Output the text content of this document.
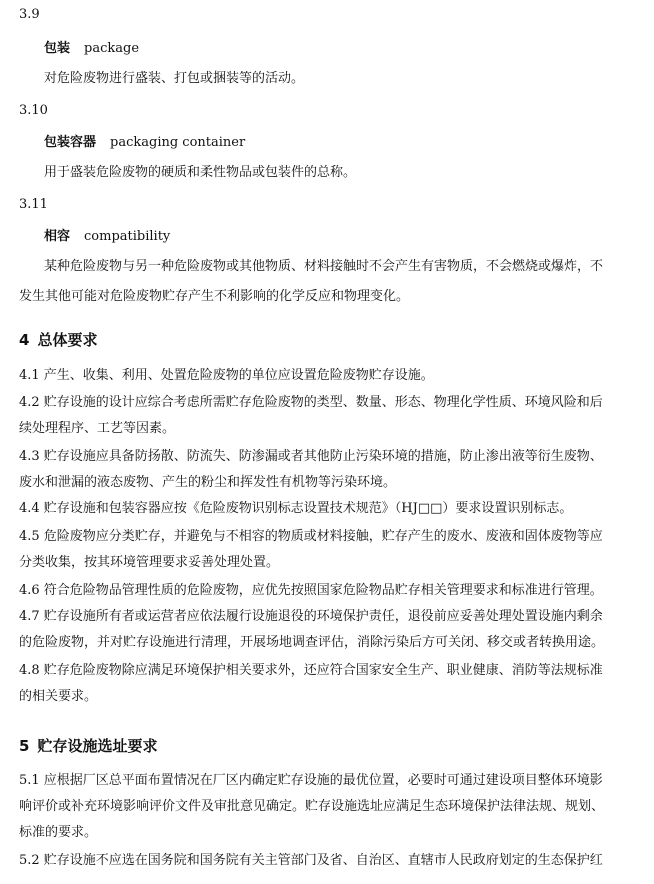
3.9
包装 package
对危险废物进行盛装、打包或捆装等的活动。
3.10
包装容器 packaging container
用于盛装危险废物的硬质和柔性物品或包装件的总称。
3.11
相容 compatibility
某种危险废物与另一种危险废物或其他物质、材料接触时不会产生有害物质，不会燃烧或爆炸，不
发生其他可能对危险废物贮存产生不利影响的化学反应和物理变化。
4 总体要求
4.1 产生、收集、利用、处置危险废物的单位应设置危险废物贮存设施。
4.2 贮存设施的设计应综合考虑所需贮存危险废物的类型、数量、形态、物理化学性质、环境风险和后
续处理程序、工艺等因素。
4.3 贮存设施应具备防扬散、防流失、防渗漏或者其他防止污染环境的措施，防止渗出液等衍生废物、
废水和泄漏的液态废物、产生的粉尘和挥发性有机物等污染环境。
4.4 贮存设施和包装容器应按《危险废物识别标志设置技术规范》（HJ□□）要求设置识别标志。
4.5 危险废物应分类贮存，并避免与不相容的物质或材料接触，贮存产生的废水、废液和固体废物等应
分类收集，按其环境管理要求妥善处理处置。
4.6 符合危险物品管理性质的危险废物，应优先按照国家危险物品贮存相关管理要求和标准进行管理。
4.7 贮存设施所有者或运营者应依法履行设施退役的环境保护责任，退役前应妥善处理处置设施内剩余
的危险废物，并对贮存设施进行清理，开展场地调查评估，消除污染后方可关闭、移交或者转换用途。
4.8 贮存危险废物除应满足环境保护相关要求外，还应符合国家安全生产、职业健康、消防等法规标准
的相关要求。
5 贮存设施选址要求
5.1 应根据厂区总平面布置情况在厂区内确定贮存设施的最优位置，必要时可通过建设项目整体环境影
响评价或补充环境影响评价文件及审批意见确定。贮存设施选址应满足生态环境保护法律法规、规划、
标准的要求。
5.2 贮存设施不应选在国务院和国务院有关主管部门及省、自治区、直辖市人民政府划定的生态保护红
